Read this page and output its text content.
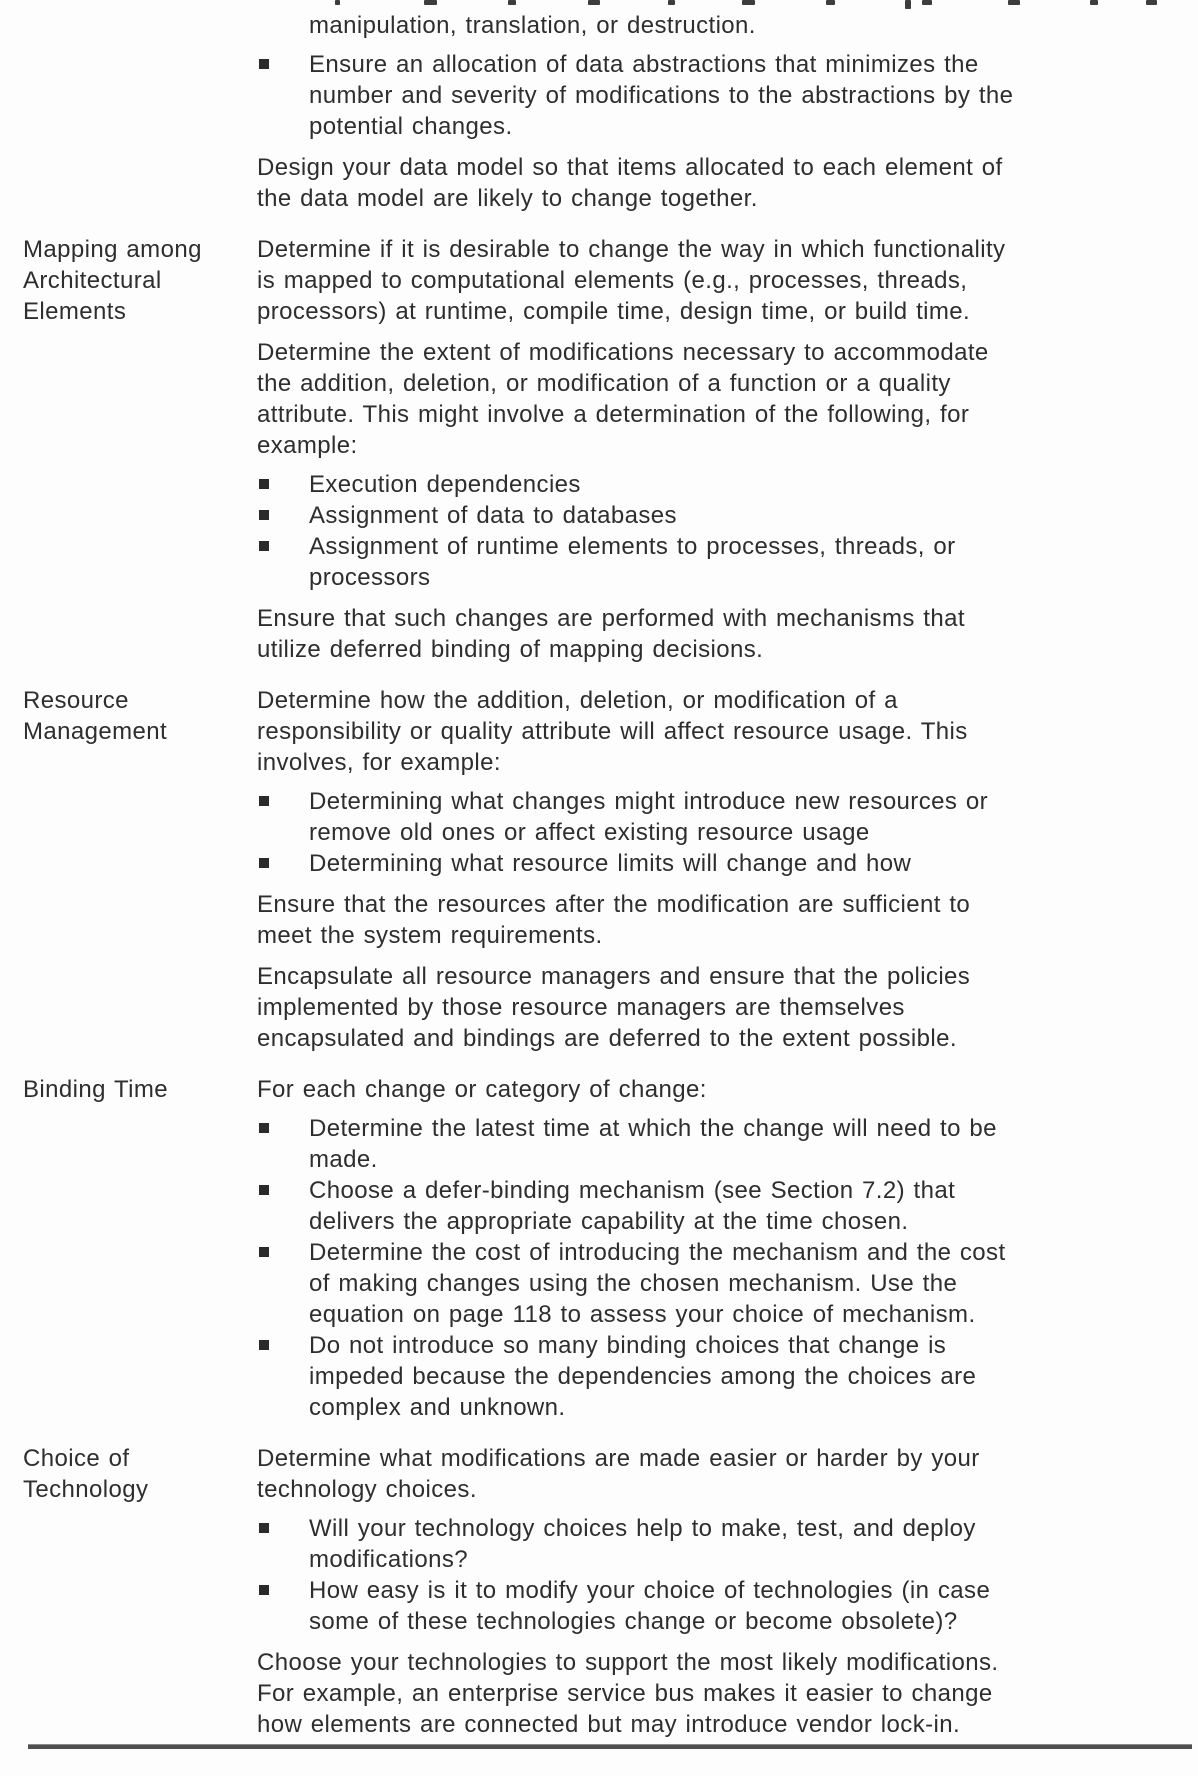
manipulation, translation, or destruction.
Ensure an allocation of data abstractions that minimizes the
number and severity of modifications to the abstractions by the
potential changes.
Design your data model so that items allocated to each element of
the data model are likely to change together.
Mapping among
Architectural
Elements
Determine if it is desirable to change the way in which functionality
is mapped to computational elements (e.g., processes, threads,
processors) at runtime, compile time, design time, or build time.
Determine the extent of modifications necessary to accommodate
the addition, deletion, or modification of a function or a quality
attribute. This might involve a determination of the following, for
example:
Execution dependencies
Assignment of data to databases
Assignment of runtime elements to processes, threads, or
processors
Ensure that such changes are performed with mechanisms that
utilize deferred binding of mapping decisions.
Resource
Management
Determine how the addition, deletion, or modification of a
responsibility or quality attribute will affect resource usage. This
involves, for example:
Determining what changes might introduce new resources or
remove old ones or affect existing resource usage
Determining what resource limits will change and how
Ensure that the resources after the modification are sufficient to
meet the system requirements.
Encapsulate all resource managers and ensure that the policies
implemented by those resource managers are themselves
encapsulated and bindings are deferred to the extent possible.
Binding Time	For each change or category of change:
Determine the latest time at which the change will need to be
made.
Choose a defer-binding mechanism (see Section 7.2) that
delivers the appropriate capability at the time chosen.
Determine the cost of introducing the mechanism and the cost
of making changes using the chosen mechanism. Use the
equation on page 118 to assess your choice of mechanism.
Do not introduce so many binding choices that change is
impeded because the dependencies among the choices are
complex and unknown.
Choice of
Technology
Determine what modifications are made easier or harder by your
technology choices.
Will your technology choices help to make, test, and deploy
modifications?
How easy is it to modify your choice of technologies (in case
some of these technologies change or become obsolete)?
Choose your technologies to support the most likely modifications.
For example, an enterprise service bus makes it easier to change
how elements are connected but may introduce vendor lock-in.
